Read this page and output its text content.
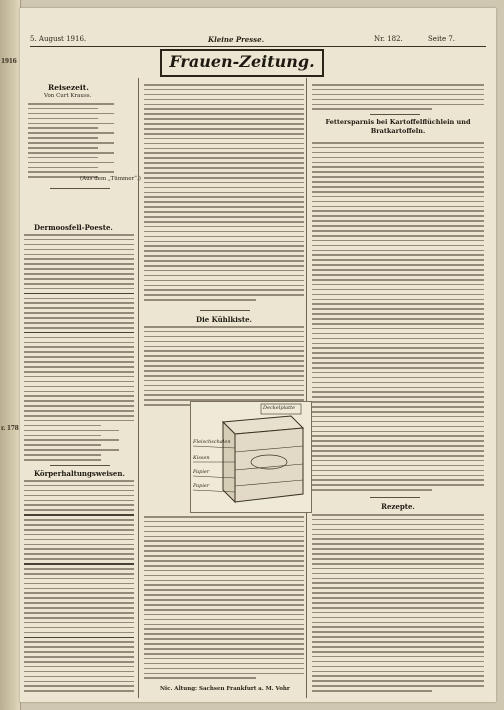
1916
r. 178
5. August 1916.	Kleine Presse.	Nr. 182.	Seite 7.
Frauen-Zeitung.
Reisezeit.
Von Curt Krauss.
(Aus dem „Tümmer“.)
Dermoosfell-Poeste.
Körperhaltungsweisen.
Die Kühlkiste.
Deckelplatte
Fleischschalen
Kissen
Papier
Papier
Nic. Altung: Sachsen Frankfurt a. M. Vohr
Fettersparnis bei Kartoffelflüchlein und Bratkartoffeln.
Rezepte.
